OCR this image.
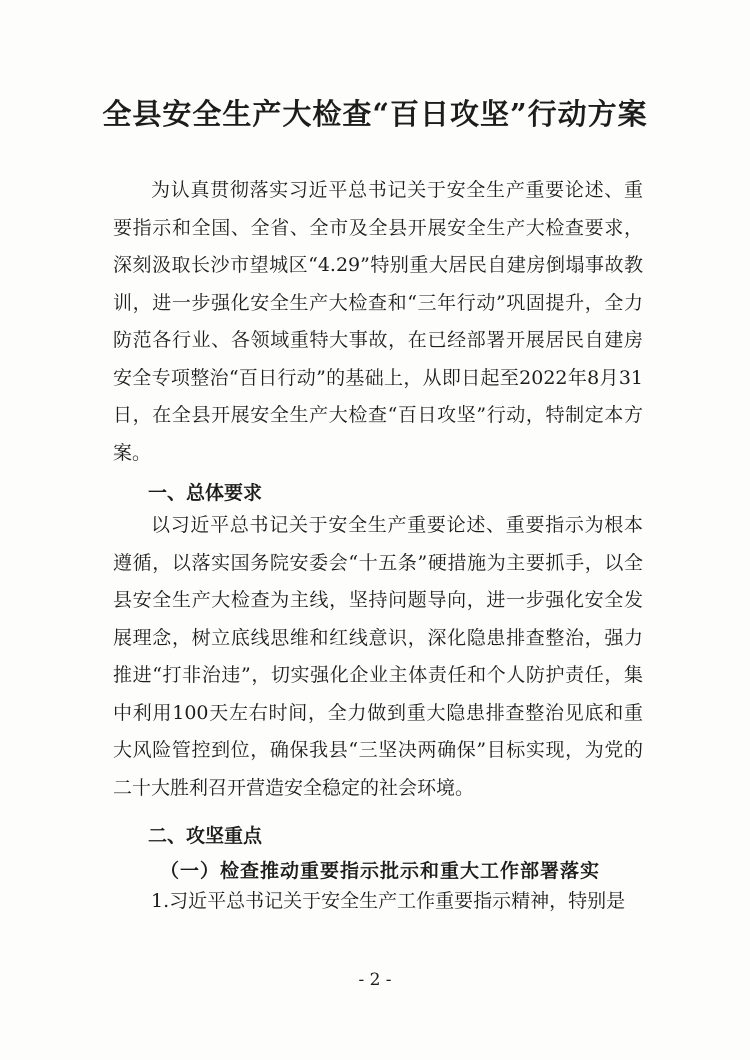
全县安全生产大检查“百日攻坚”行动方案

为认真贯彻落实习近平总书记关于安全生产重要论述、重要指示和全国、全省、全市及全县开展安全生产大检查要求，深刻汲取长沙市望城区“4.29”特别重大居民自建房倒塌事故教训，进一步强化安全生产大检查和“三年行动”巩固提升，全力防范各行业、各领域重特大事故，在已经部署开展居民自建房安全专项整治“百日行动”的基础上，从即日起至2022年8月31日，在全县开展安全生产大检查“百日攻坚”行动，特制定本方案。

一、总体要求

以习近平总书记关于安全生产重要论述、重要指示为根本遵循，以落实国务院安委会“十五条”硬措施为主要抓手，以全县安全生产大检查为主线，坚持问题导向，进一步强化安全发展理念，树立底线思维和红线意识，深化隐患排查整治，强力推进“打非治违”，切实强化企业主体责任和个人防护责任，集中利用100天左右时间，全力做到重大隐患排查整治见底和重大风险管控到位，确保我县“三坚决两确保”目标实现，为党的二十大胜利召开营造安全稳定的社会环境。

二、攻坚重点
（一）检查推动重要指示批示和重大工作部署落实

1.习近平总书记关于安全生产工作重要指示精神，特别是

- 2 -
